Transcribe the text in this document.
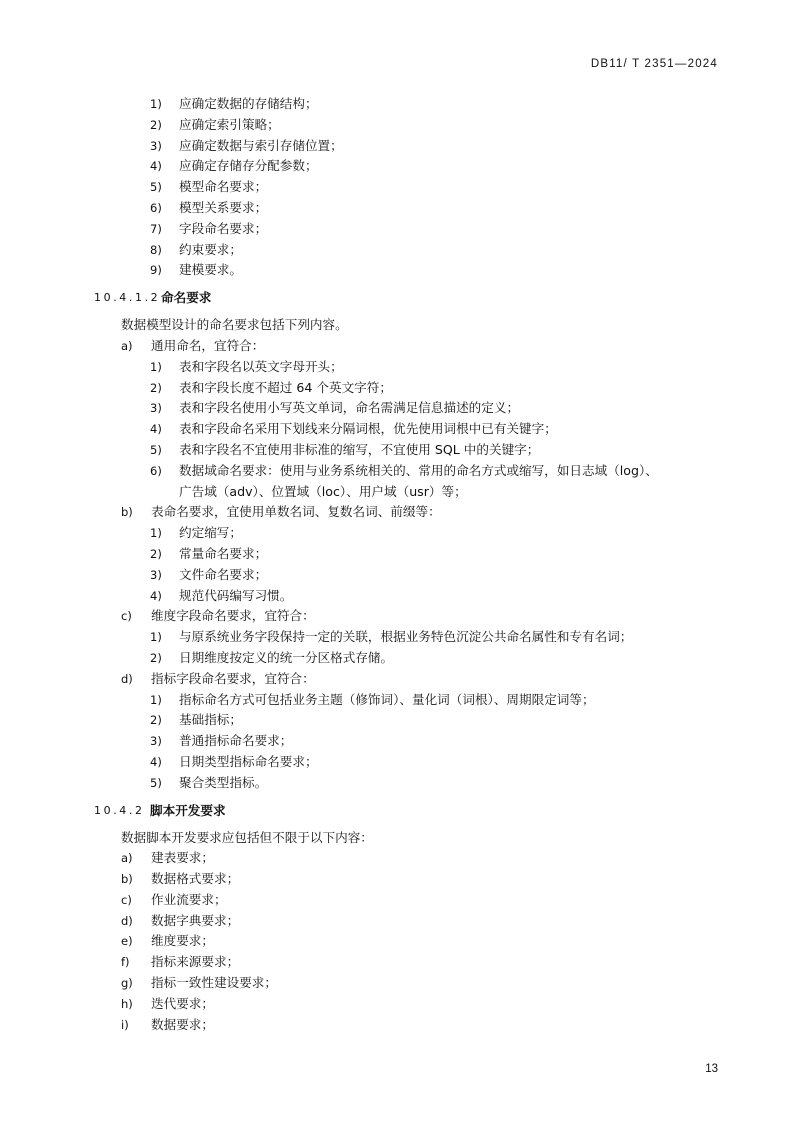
DB11/ T 2351—2024
1) 应确定数据的存储结构；
2) 应确定索引策略；
3) 应确定数据与索引存储位置；
4) 应确定存储存分配参数；
5) 模型命名要求；
6) 模型关系要求；
7) 字段命名要求；
8) 约束要求；
9) 建模要求。
10.4.1.2 命名要求
数据模型设计的命名要求包括下列内容。
a) 通用命名，宜符合：
1) 表和字段名以英文字母开头；
2) 表和字段长度不超过 64 个英文字符；
3) 表和字段名使用小写英文单词，命名需满足信息描述的定义；
4) 表和字段命名采用下划线来分隔词根，优先使用词根中已有关键字；
5) 表和字段名不宜使用非标准的缩写，不宜使用 SQL 中的关键字；
6) 数据域命名要求：使用与业务系统相关的、常用的命名方式或缩写，如日志域（log）、
广告域（adv）、位置域（loc）、用户域（usr）等；
b) 表命名要求，宜使用单数名词、复数名词、前缀等：
1) 约定缩写；
2) 常量命名要求；
3) 文件命名要求；
4) 规范代码编写习惯。
c) 维度字段命名要求，宜符合：
1) 与原系统业务字段保持一定的关联，根据业务特色沉淀公共命名属性和专有名词；
2) 日期维度按定义的统一分区格式存储。
d) 指标字段命名要求，宜符合：
1) 指标命名方式可包括业务主题（修饰词）、量化词（词根）、周期限定词等；
2) 基础指标；
3) 普通指标命名要求；
4) 日期类型指标命名要求；
5) 聚合类型指标。
10.4.2 脚本开发要求
数据脚本开发要求应包括但不限于以下内容：
a) 建表要求；
b) 数据格式要求；
c) 作业流要求；
d) 数据字典要求；
e) 维度要求；
f) 指标来源要求；
g) 指标一致性建设要求；
h) 迭代要求；
i) 数据要求；
13
